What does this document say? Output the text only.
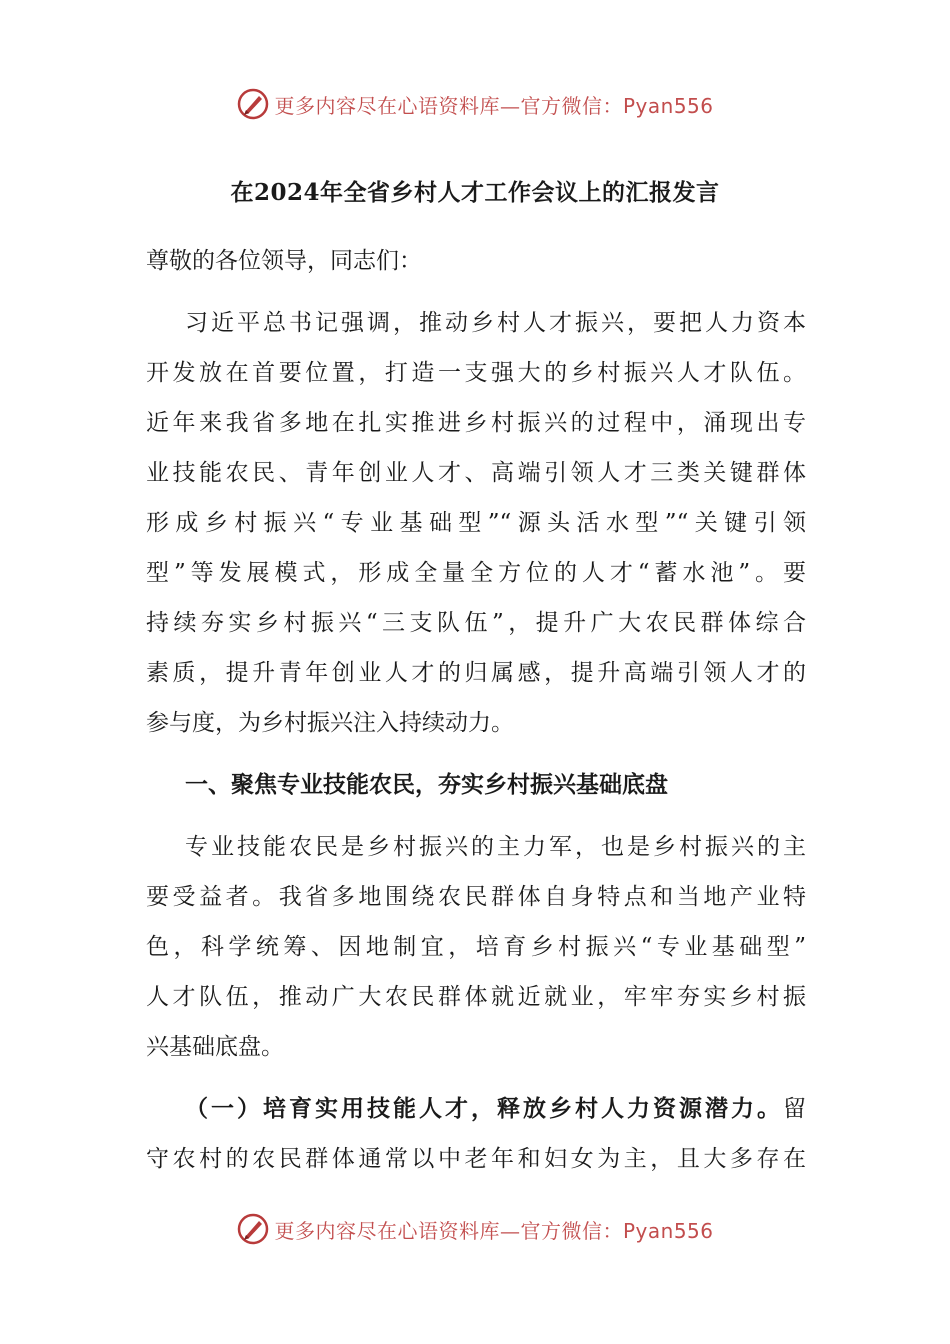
更多内容尽在心语资料库—官方微信：Pyan556
在2024年全省乡村人才工作会议上的汇报发言
尊敬的各位领导，同志们：
习近平总书记强调，推动乡村人才振兴，要把人力资本
开发放在首要位置，打造一支强大的乡村振兴人才队伍。
近年来我省多地在扎实推进乡村振兴的过程中，涌现出专
业技能农民、青年创业人才、高端引领人才三类关键群体
形成乡村振兴“专业基础型”“源头活水型”“关键引领
型”等发展模式，形成全量全方位的人才“蓄水池”。要
持续夯实乡村振兴“三支队伍”，提升广大农民群体综合
素质，提升青年创业人才的归属感，提升高端引领人才的
参与度，为乡村振兴注入持续动力。
一、聚焦专业技能农民，夯实乡村振兴基础底盘
专业技能农民是乡村振兴的主力军，也是乡村振兴的主
要受益者。我省多地围绕农民群体自身特点和当地产业特
色，科学统筹、因地制宜，培育乡村振兴“专业基础型”
人才队伍，推动广大农民群体就近就业，牢牢夯实乡村振
兴基础底盘。
（一）培育实用技能人才，释放乡村人力资源潜力。留
守农村的农民群体通常以中老年和妇女为主，且大多存在
更多内容尽在心语资料库—官方微信：Pyan556
